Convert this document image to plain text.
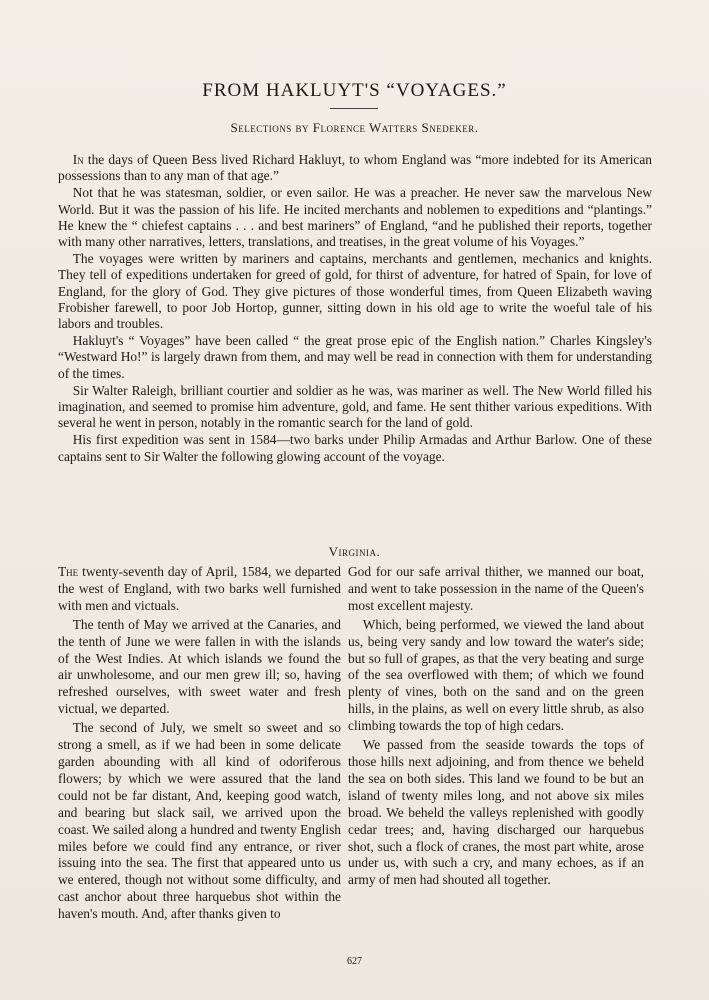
FROM HAKLUYT'S “VOYAGES.”
Selections by Florence Watters Snedeker.

In the days of Queen Bess lived Richard Hakluyt, to whom England was “more indebted for its American possessions than to any man of that age.”

Not that he was statesman, soldier, or even sailor. He was a preacher. He never saw the marvelous New World. But it was the passion of his life. He incited merchants and noblemen to expeditions and “plantings.” He knew the “ chiefest captains . . . and best mariners” of England, “and he published their reports, together with many other narratives, letters, translations, and treatises, in the great volume of his Voyages.”

The voyages were written by mariners and captains, merchants and gentlemen, mechanics and knights. They tell of expeditions undertaken for greed of gold, for thirst of adventure, for hatred of Spain, for love of England, for the glory of God. They give pictures of those wonderful times, from Queen Elizabeth waving Frobisher farewell, to poor Job Hortop, gunner, sitting down in his old age to write the woeful tale of his labors and troubles.

Hakluyt's “ Voyages” have been called “ the great prose epic of the English nation.” Charles Kingsley's “Westward Ho!” is largely drawn from them, and may well be read in connection with them for understanding of the times.

Sir Walter Raleigh, brilliant courtier and soldier as he was, was mariner as well. The New World filled his imagination, and seemed to promise him adventure, gold, and fame. He sent thither various expeditions. With several he went in person, notably in the romantic search for the land of gold.

His first expedition was sent in 1584—two barks under Philip Armadas and Arthur Barlow. One of these captains sent to Sir Walter the following glowing account of the voyage.

Virginia.

The twenty-seventh day of April, 1584, we departed the west of England, with two barks well furnished with men and victuals.

The tenth of May we arrived at the Canaries, and the tenth of June we were fallen in with the islands of the West Indies. At which islands we found the air unwholesome, and our men grew ill; so, having refreshed ourselves, with sweet water and fresh victual, we departed.

The second of July, we smelt so sweet and so strong a smell, as if we had been in some delicate garden abounding with all kind of odoriferous flowers; by which we were assured that the land could not be far distant, And, keeping good watch, and bearing but slack sail, we arrived upon the coast. We sailed along a hundred and twenty English miles before we could find any entrance, or river issuing into the sea. The first that appeared unto us we entered, though not without some difficulty, and cast anchor about three harquebus shot within the haven's mouth. And, after thanks given to

God for our safe arrival thither, we manned our boat, and went to take possession in the name of the Queen's most excellent majesty.

Which, being performed, we viewed the land about us, being very sandy and low toward the water's side; but so full of grapes, as that the very beating and surge of the sea overflowed with them; of which we found plenty of vines, both on the sand and on the green hills, in the plains, as well on every little shrub, as also climbing towards the top of high cedars.

We passed from the seaside towards the tops of those hills next adjoining, and from thence we beheld the sea on both sides. This land we found to be but an island of twenty miles long, and not above six miles broad. We beheld the valleys replenished with goodly cedar trees; and, having discharged our harquebus shot, such a flock of cranes, the most part white, arose under us, with such a cry, and many echoes, as if an army of men had shouted all together.

627
